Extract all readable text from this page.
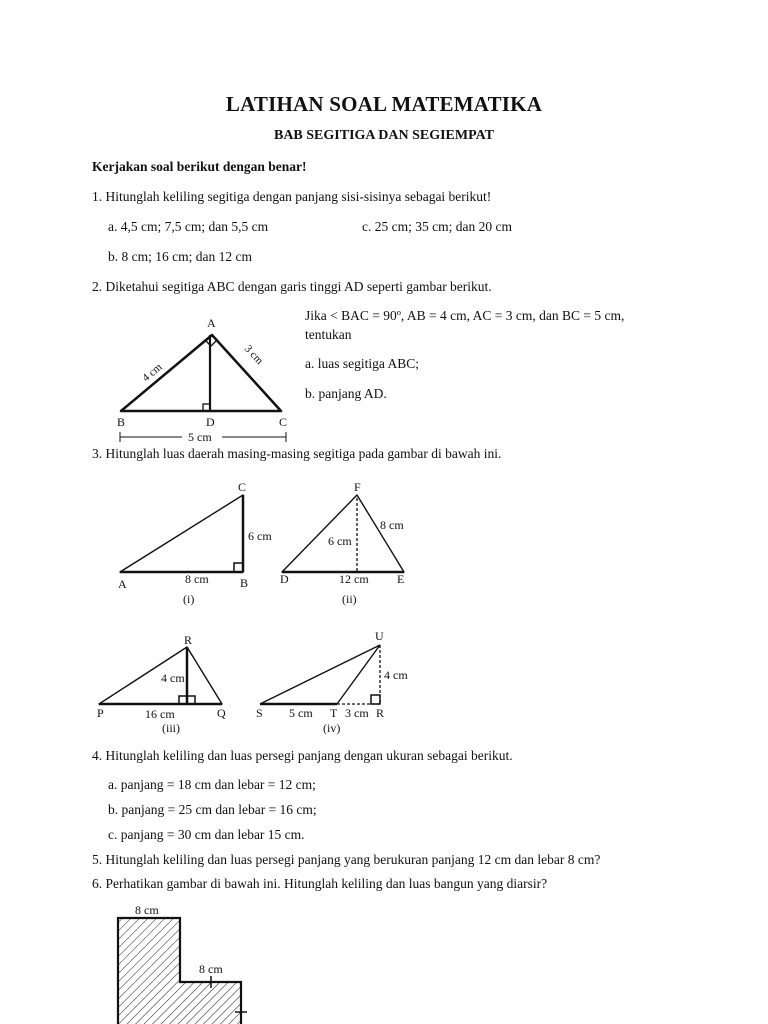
LATIHAN SOAL MATEMATIKA
BAB SEGITIGA DAN SEGIEMPAT
Kerjakan soal berikut dengan benar!
1. Hitunglah keliling segitiga dengan panjang sisi-sisinya sebagai berikut!
a. 4,5 cm; 7,5 cm; dan 5,5 cm	c. 25 cm; 35 cm; dan 20 cm
b. 8 cm; 16 cm; dan 12 cm
2. Diketahui segitiga ABC dengan garis tinggi AD seperti gambar berikut.
Jika < BAC = 90º, AB = 4 cm, AC = 3 cm, dan BC = 5 cm,
tentukan
a. luas segitiga ABC;
b. panjang AD.
A
B	C
D
4 cm
3 cm
5 cm
3. Hitunglah luas daerah masing-masing segitiga pada gambar di bawah ini.
C
A	B
6 cm
8 cm
(i)
F
D	E
6 cm
8 cm
12 cm
(ii)
R
P	Q
4 cm
16 cm
(iii)
U
S	T	R
4 cm
5 cm	3 cm
(iv)
4. Hitunglah keliling dan luas persegi panjang dengan ukuran sebagai berikut.
a. panjang = 18 cm dan lebar = 12 cm;
b. panjang = 25 cm dan lebar = 16 cm;
c. panjang = 30 cm dan lebar 15 cm.
5. Hitunglah keliling dan luas persegi panjang yang berukuran panjang 12 cm dan lebar 8 cm?
6. Perhatikan gambar di bawah ini. Hitunglah keliling dan luas bangun yang diarsir?
8 cm
8 cm
